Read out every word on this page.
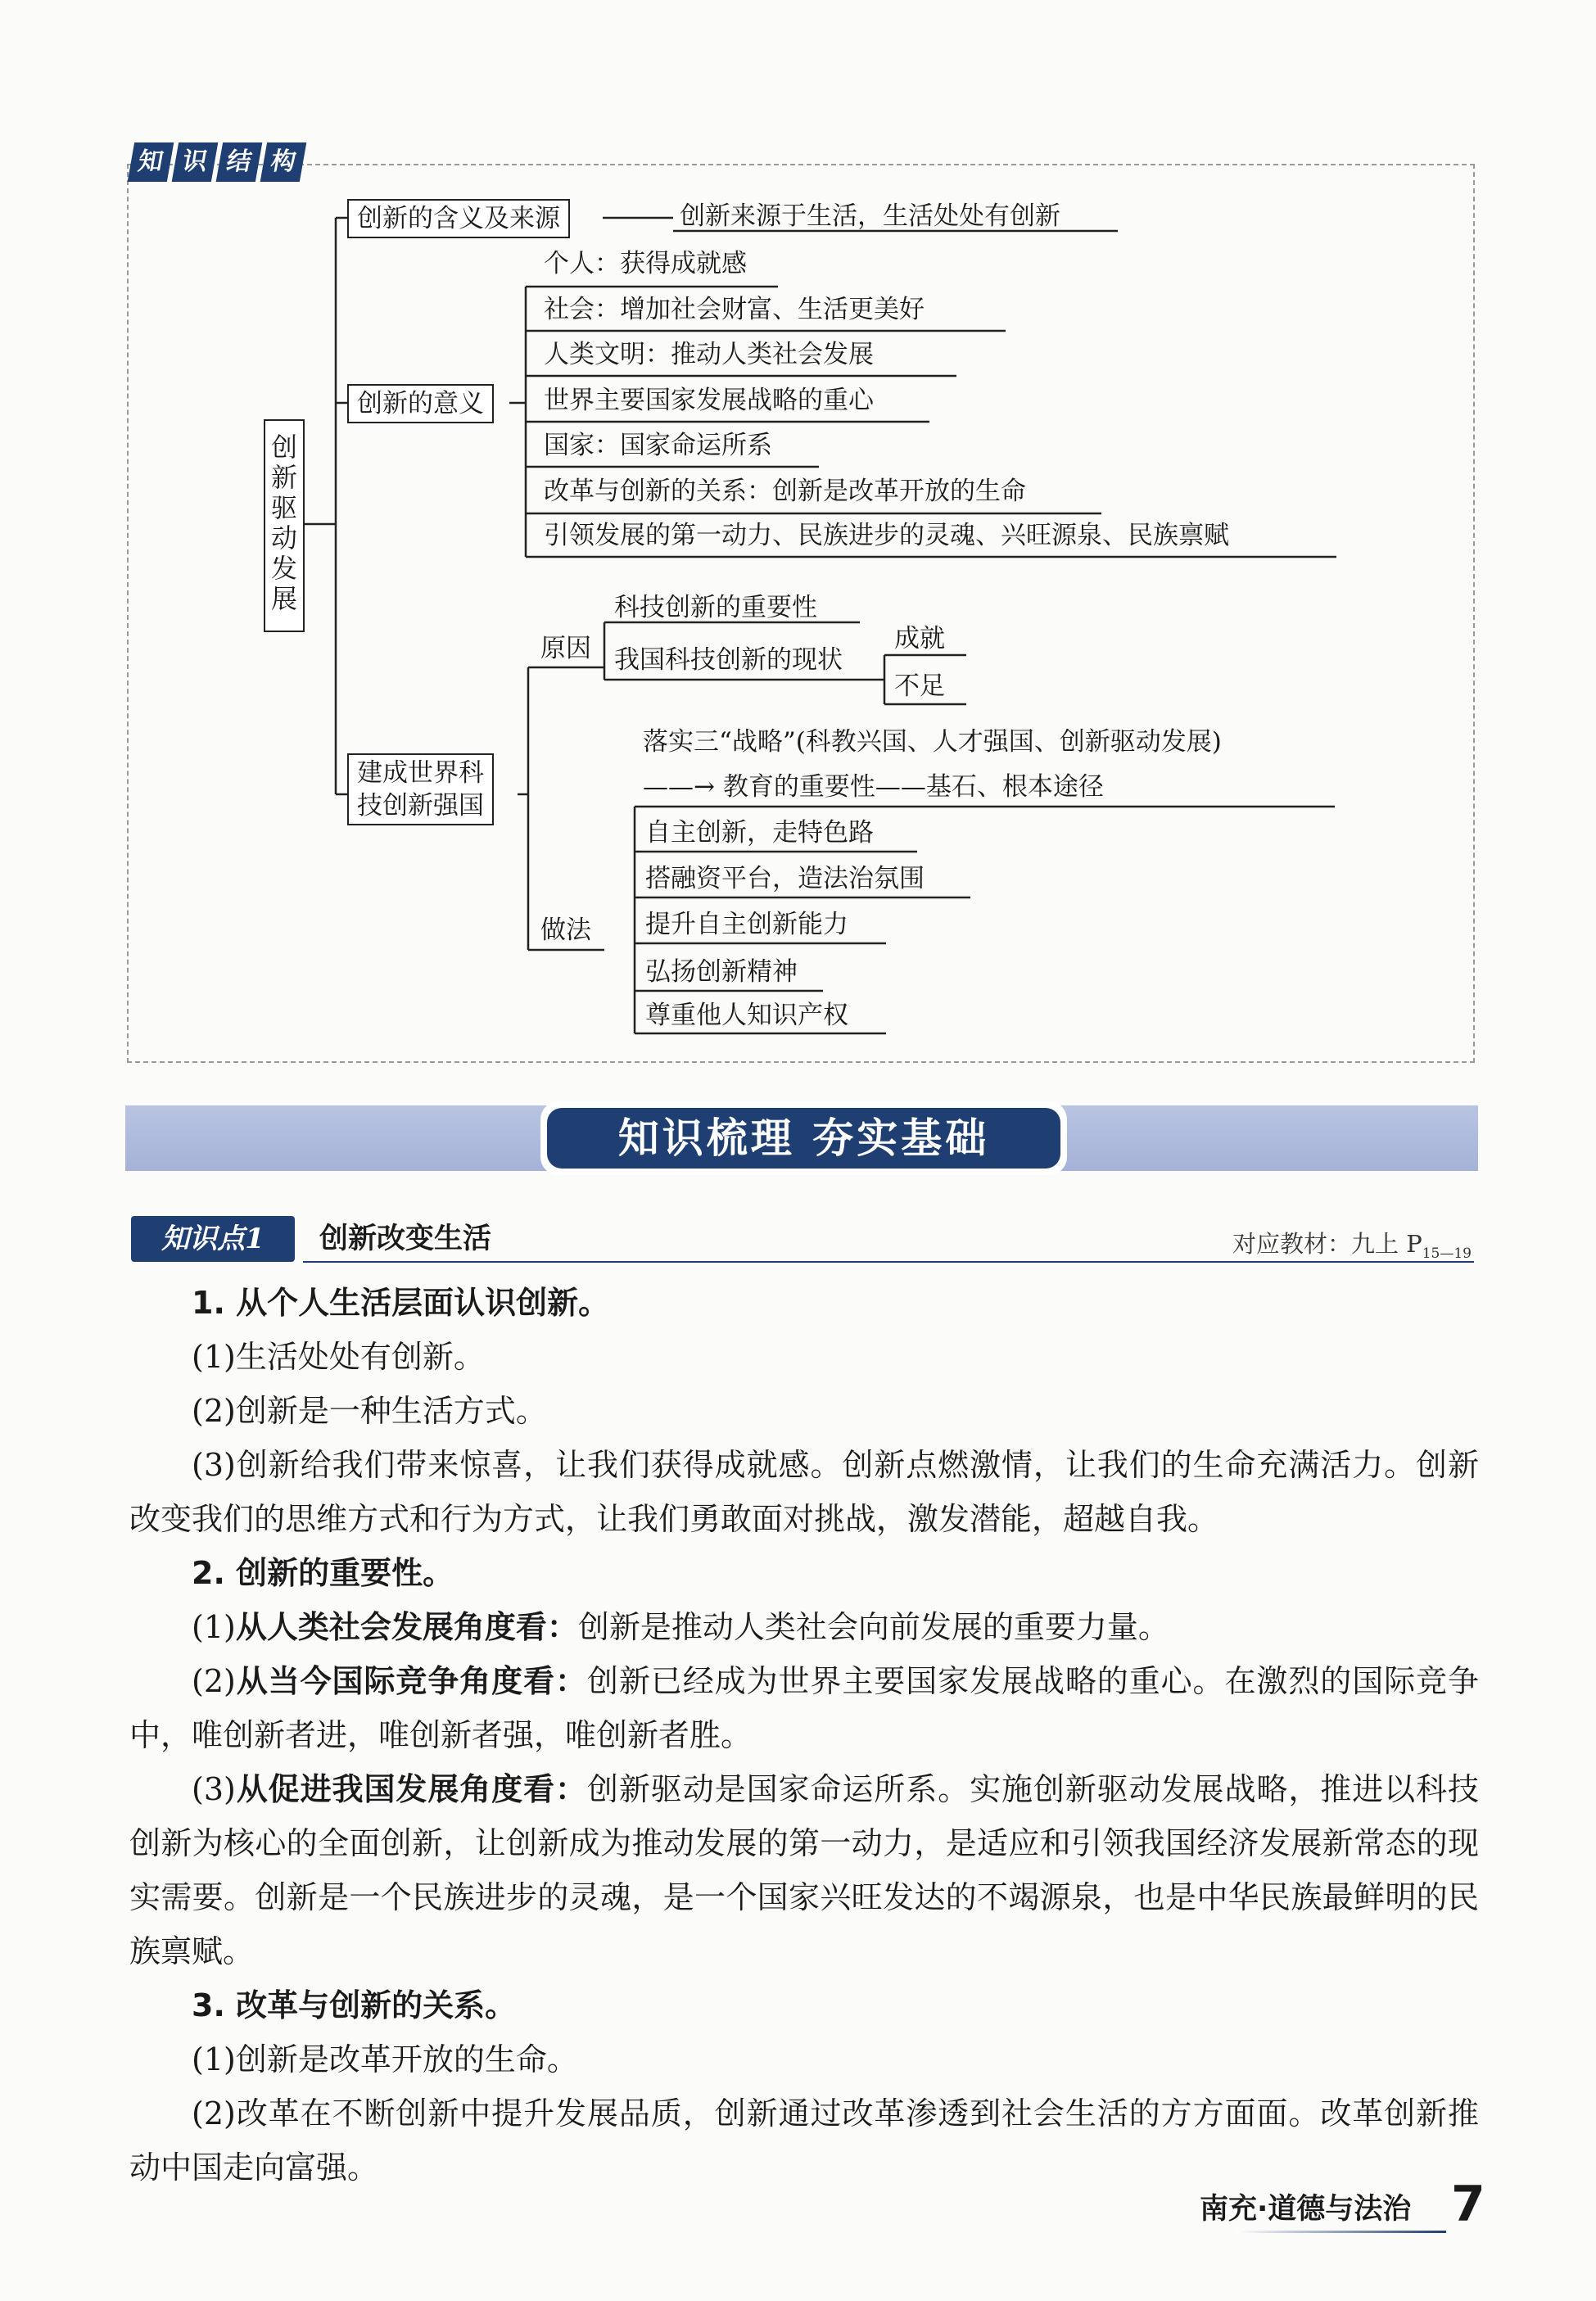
知 识 结 构
创新驱动发展
创新的含义及来源	创新来源于生活，生活处处有创新
创新的意义
个人：获得成就感
社会：增加社会财富、生活更美好
人类文明：推动人类社会发展
世界主要国家发展战略的重心
国家：国家命运所系
改革与创新的关系：创新是改革开放的生命
引领发展的第一动力、民族进步的灵魂、兴旺源泉、民族禀赋
建成世界科
技创新强国
原因
科技创新的重要性
我国科技创新的现状
成就
不足
做法
落实三“战略”(科教兴国、人才强国、创新驱动发展)
——→ 教育的重要性——基石、根本途径
自主创新，走特色路
搭融资平台，造法治氛围
提升自主创新能力
弘扬创新精神
尊重他人知识产权
知识梳理 夯实基础
知识点1	创新改变生活	对应教材：九上 $P_{15—19}$
1. 从个人生活层面认识创新。
(1)生活处处有创新。
(2)创新是一种生活方式。
(3)创新给我们带来惊喜，让我们获得成就感。创新点燃激情，让我们的生命充满活力。创新改变我们的思维方式和行为方式，让我们勇敢面对挑战，激发潜能，超越自我。
2. 创新的重要性。
(1)从人类社会发展角度看：创新是推动人类社会向前发展的重要力量。
(2)从当今国际竞争角度看：创新已经成为世界主要国家发展战略的重心。在激烈的国际竞争中，唯创新者进，唯创新者强，唯创新者胜。
(3)从促进我国发展角度看：创新驱动是国家命运所系。实施创新驱动发展战略，推进以科技创新为核心的全面创新，让创新成为推动发展的第一动力，是适应和引领我国经济发展新常态的现实需要。创新是一个民族进步的灵魂，是一个国家兴旺发达的不竭源泉，也是中华民族最鲜明的民族禀赋。
3. 改革与创新的关系。
(1)创新是改革开放的生命。
(2)改革在不断创新中提升发展品质，创新通过改革渗透到社会生活的方方面面。改革创新推动中国走向富强。
南充·道德与法治 7
